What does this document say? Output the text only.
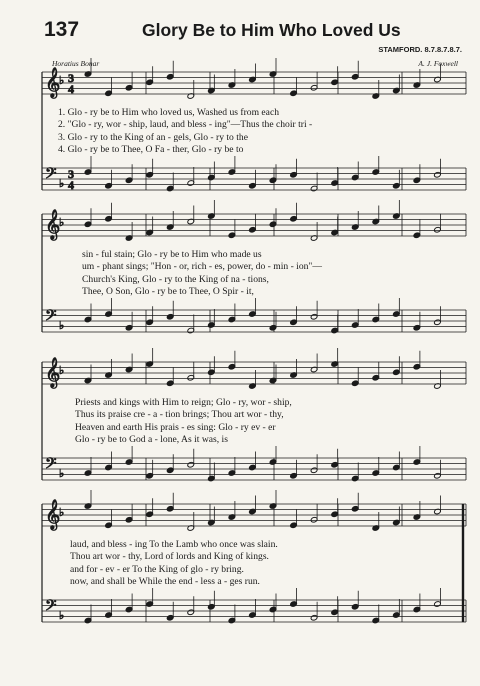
137	Glory Be to Him Who Loved Us
STAMFORD. 8.7.8.7.8.7.
Horatius Bonar	A. J. Foxwell
𝄞
♭ 3
4
𝄢 ♭
3
4
𝄞
♭
𝄢 ♭
𝄞
♭
𝄢 ♭
𝄞
♭
𝄢 ♭
1. Glo - ry be to Him who loved us, Washed us from each
2. "Glo - ry, wor - ship, laud, and bless - ing"—Thus the choir tri -
3. Glo - ry to the King of an - gels, Glo - ry to the
4. Glo - ry be to Thee, O Fa - ther, Glo - ry be to
sin - ful stain; Glo - ry be to Him who made us
um - phant sings; "Hon - or, rich - es, power, do - min - ion"—
Church's King, Glo - ry to the King of na - tions,
Thee, O Son, Glo - ry be to Thee, O Spir - it,
Priests and kings with Him to reign; Glo - ry, wor - ship,
Thus its praise cre - a - tion brings; Thou art wor - thy,
Heaven and earth His prais - es sing: Glo - ry ev - er
Glo - ry be to God a - lone, As it was, is
laud, and bless - ing To the Lamb who once was slain.
Thou art wor - thy, Lord of lords and King of kings.
and for - ev - er To the King of glo - ry bring.
now, and shall be While the end - less a - ges run.
